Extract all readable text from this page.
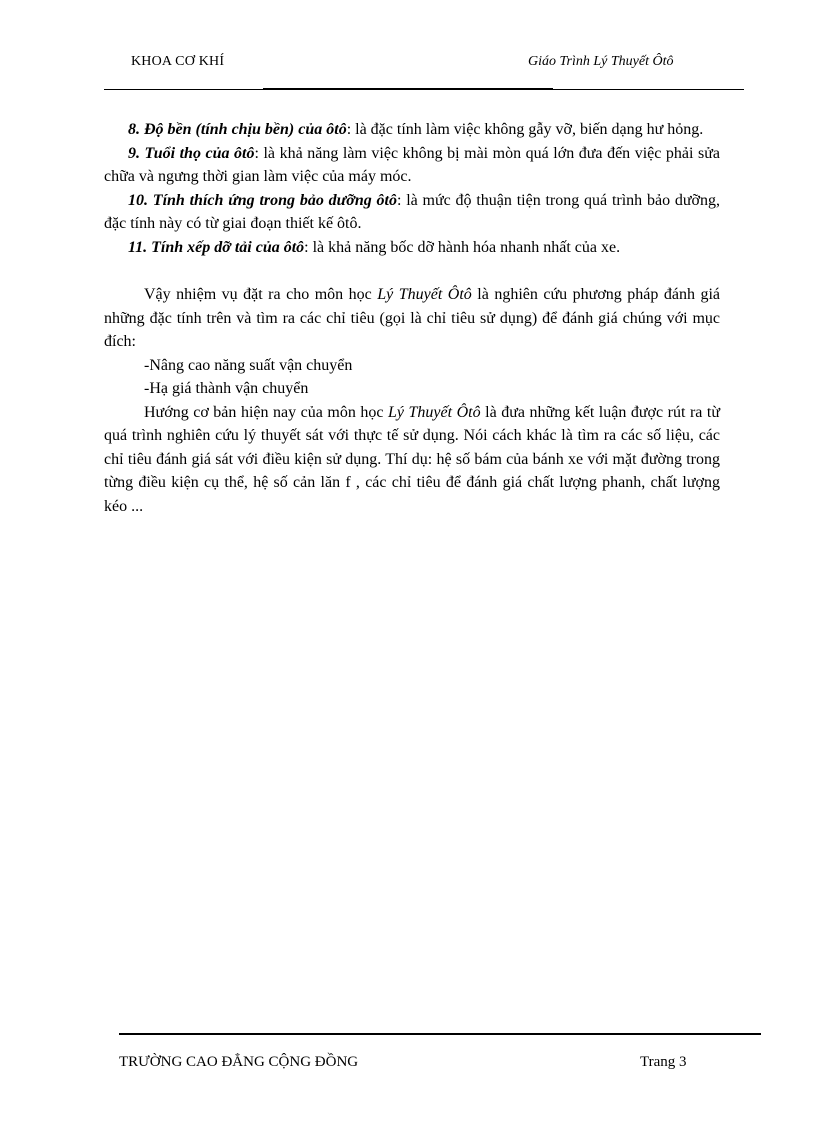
KHOA CƠ KHÍ	Giáo Trình Lý Thuyết Ôtô

8. Độ bền (tính chịu bền) của ôtô: là đặc tính làm việc không gẫy vỡ, biến dạng hư hỏng.

9. Tuổi thọ của ôtô: là khả năng làm việc không bị mài mòn quá lớn đưa đến việc phải sửa chữa và ngưng thời gian làm việc của máy móc.

10. Tính thích ứng trong bảo dưỡng ôtô: là mức độ thuận tiện trong quá trình bảo dưỡng, đặc tính này có từ giai đoạn thiết kế ôtô.

11. Tính xếp dỡ tải của ôtô: là khả năng bốc dỡ hành hóa nhanh nhất của xe.

Vậy nhiệm vụ đặt ra cho môn học Lý Thuyết Ôtô là nghiên cứu phương pháp đánh giá những đặc tính trên và tìm ra các chỉ tiêu (gọi là chỉ tiêu sử dụng) để đánh giá chúng với mục đích:

-Nâng cao năng suất vận chuyển

-Hạ giá thành vận chuyển

Hướng cơ bản hiện nay của môn học Lý Thuyết Ôtô là đưa những kết luận được rút ra từ quá trình nghiên cứu lý thuyết sát với thực tế sử dụng. Nói cách khác là tìm ra các số liệu, các chỉ tiêu đánh giá sát với điều kiện sử dụng. Thí dụ: hệ số bám của bánh xe với mặt đường trong từng điều kiện cụ thể, hệ số cản lăn f , các chỉ tiêu để đánh giá chất lượng phanh, chất lượng kéo ...

TRƯỜNG CAO ĐẲNG CỘNG ĐỒNG	Trang 3
